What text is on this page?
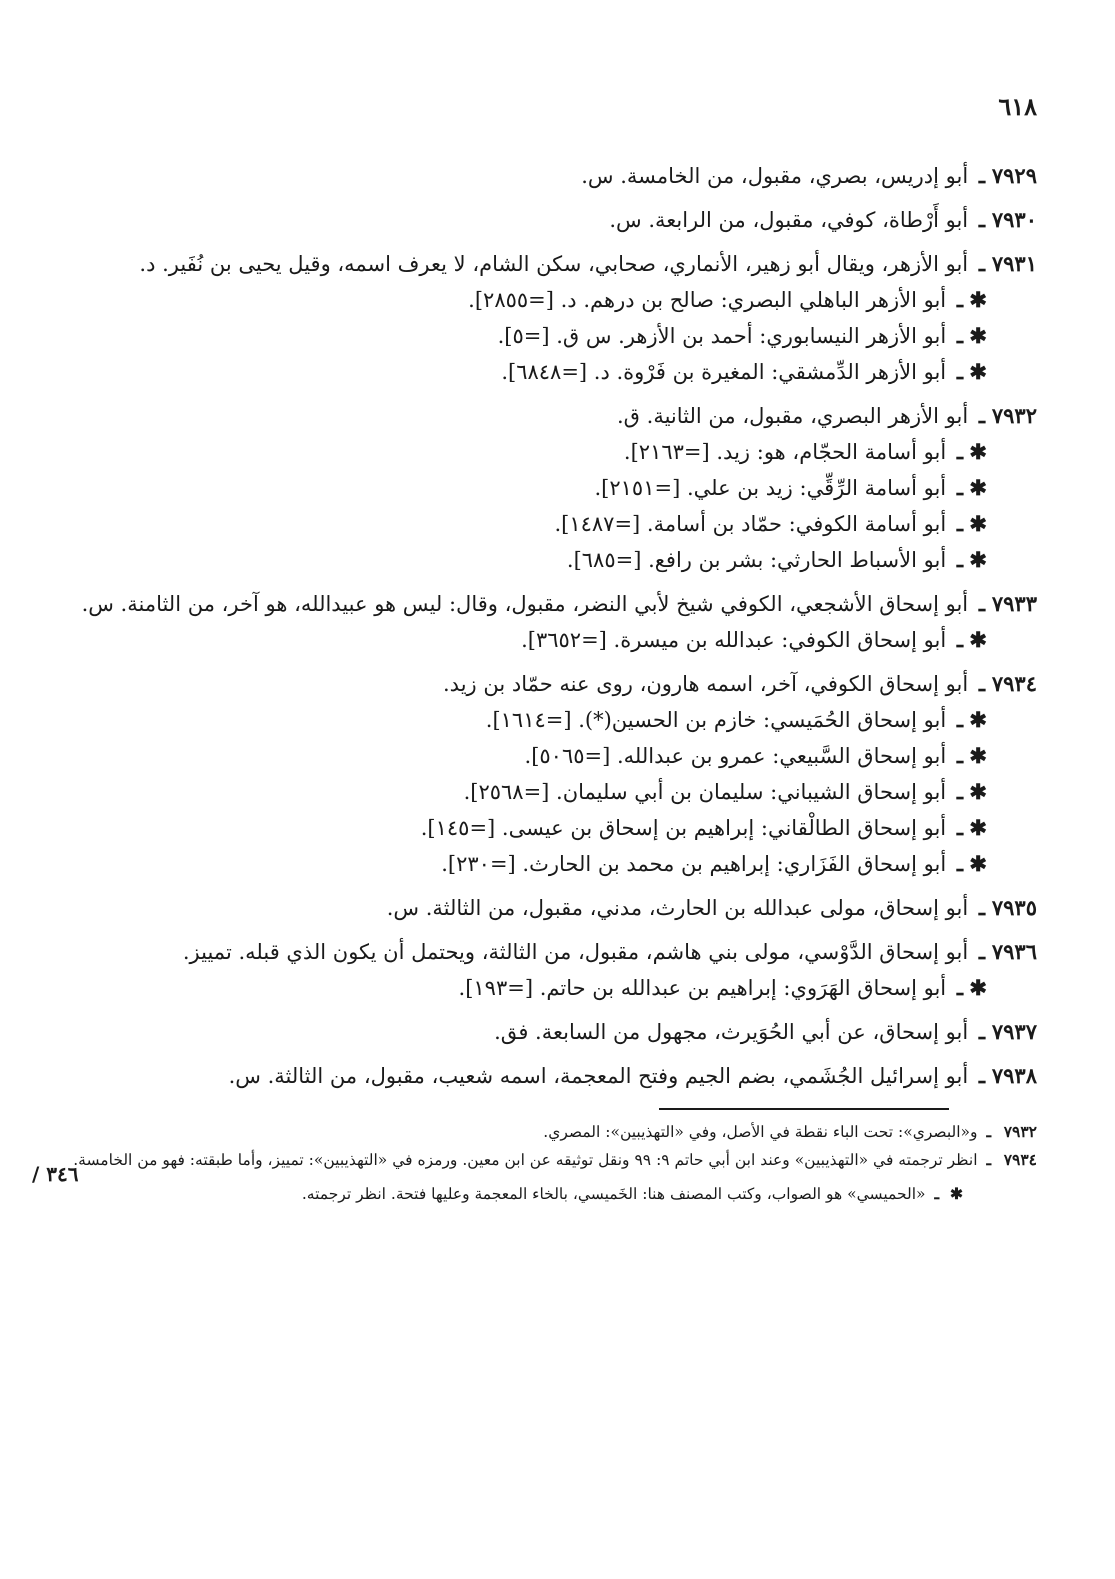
٦١٨
٣٤٦ /

٧٩٢٩ـ أبو إدريس، بصري، مقبول، من الخامسة. س.

٧٩٣٠ـ أبو أَرْطاة، كوفي، مقبول، من الرابعة. س.

٧٩٣١ـ أبو الأزهر، ويقال أبو زهير، الأنماري، صحابي، سكن الشام، لا يعرف اسمه، وقيل يحيى بن نُفَير. د.

✱ـ أبو الأزهر الباهلي البصري: صالح بن درهم. د. [=٢٨٥٥].

✱ـ أبو الأزهر النيسابوري: أحمد بن الأزهر. س ق. [=٥].

✱ـ أبو الأزهر الدِّمشقي: المغيرة بن فَرْوة. د. [=٦٨٤٨].

٧٩٣٢ـ أبو الأزهر البصري، مقبول، من الثانية. ق.

✱ـ أبو أسامة الحجّام، هو: زيد. [=٢١٦٣].

✱ـ أبو أسامة الرِّقِّي: زيد بن علي. [=٢١٥١].

✱ـ أبو أسامة الكوفي: حمّاد بن أسامة. [=١٤٨٧].

✱ـ أبو الأسباط الحارثي: بشر بن رافع. [=٦٨٥].

٧٩٣٣ـ أبو إسحاق الأشجعي، الكوفي شيخ لأبي النضر، مقبول، وقال: ليس هو عبيدالله، هو آخر، من الثامنة. س.

✱ـ أبو إسحاق الكوفي: عبدالله بن ميسرة. [=٣٦٥٢].

٧٩٣٤ـ أبو إسحاق الكوفي، آخر، اسمه هارون، روى عنه حمّاد بن زيد.

✱ـ أبو إسحاق الحُمَيسي: خازم بن الحسين(*). [=١٦١٤].

✱ـ أبو إسحاق السَّبيعي: عمرو بن عبدالله. [=٥٠٦٥].

✱ـ أبو إسحاق الشيباني: سليمان بن أبي سليمان. [=٢٥٦٨].

✱ـ أبو إسحاق الطالْقاني: إبراهيم بن إسحاق بن عيسى. [=١٤٥].

✱ـ أبو إسحاق الفَزَاري: إبراهيم بن محمد بن الحارث. [=٢٣٠].

٧٩٣٥ـ أبو إسحاق، مولى عبدالله بن الحارث، مدني، مقبول، من الثالثة. س.

٧٩٣٦ـ أبو إسحاق الدَّوْسي، مولى بني هاشم، مقبول، من الثالثة، ويحتمل أن يكون الذي قبله. تمييز.

✱ـ أبو إسحاق الهَرَوي: إبراهيم بن عبدالله بن حاتم. [=١٩٣].

٧٩٣٧ـ أبو إسحاق، عن أبي الحُوَيرث، مجهول من السابعة. فق.

٧٩٣٨ـ أبو إسرائيل الجُشَمي، بضم الجيم وفتح المعجمة، اسمه شعيب، مقبول، من الثالثة. س.

٧٩٣٢ـ و«البصري»: تحت الباء نقطة في الأصل، وفي «التهذيبين»: المصري.

٧٩٣٤ـ انظر ترجمته في «التهذيبين» وعند ابن أبي حاتم ٩: ٩٩ ونقل توثيقه عن ابن معين. ورمزه في «التهذيبين»: تمييز، وأما طبقته: فهو من الخامسة.

✱ـ «الحميسي» هو الصواب، وكتب المصنف هنا: الخَميسي، بالخاء المعجمة وعليها فتحة. انظر ترجمته.
